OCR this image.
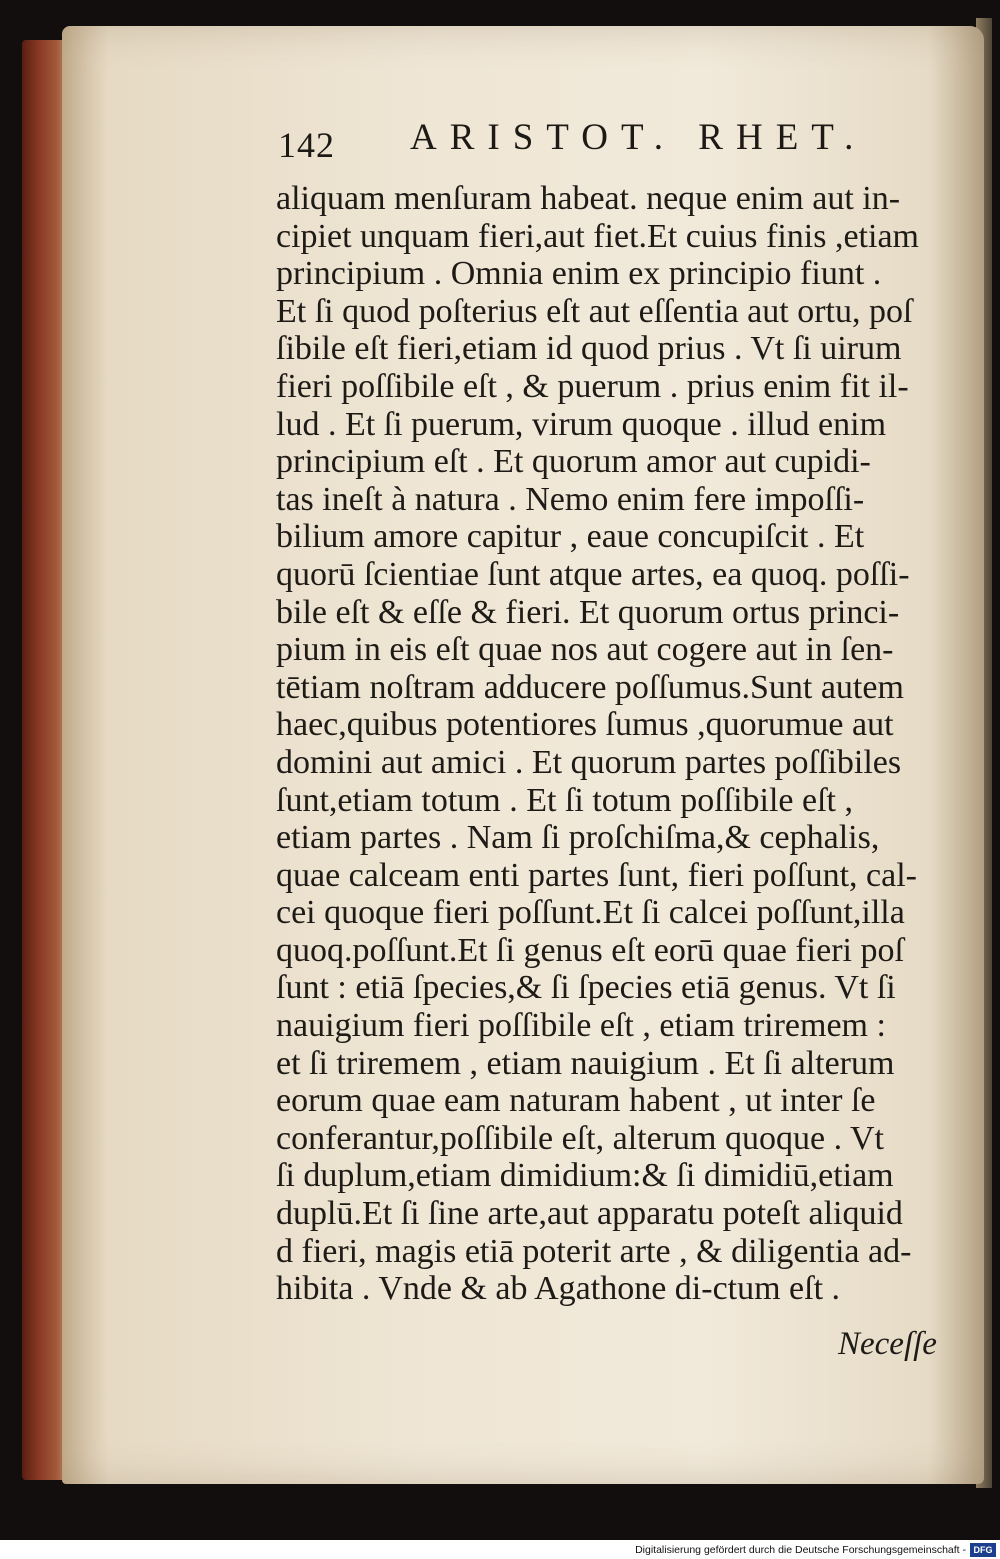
142 ARISTOT. RHET.
aliquam menſuram habeat. neque enim aut in-
cipiet unquam fieri,aut fiet.Et cuius finis ,etiam
principium . Omnia enim ex principio fiunt .
Et ſi quod poſterius eſt aut eſſentia aut ortu, poſ
ſibile eſt fieri,etiam id quod prius . Vt ſi uirum
fieri poſſibile eſt , & puerum . prius enim fit il-
lud . Et ſi puerum, virum quoque . illud enim
principium eſt . Et quorum amor aut cupidi-
tas ineſt à natura . Nemo enim fere impoſſi-
bilium amore capitur , eaue concupiſcit . Et
quorū ſcientiae ſunt atque artes, ea quoq. poſſi-
bile eſt & eſſe & fieri. Et quorum ortus princi-
pium in eis eſt quae nos aut cogere aut in ſen-
tētiam noſtram adducere poſſumus.Sunt autem
haec,quibus potentiores ſumus ,quorumue aut
domini aut amici . Et quorum partes poſſibiles
ſunt,etiam totum . Et ſi totum poſſibile eſt ,
etiam partes . Nam ſi proſchiſma,& cephalis,
quae calceam enti partes ſunt, fieri poſſunt, cal-
cei quoque fieri poſſunt.Et ſi calcei poſſunt,illa
quoq.poſſunt.Et ſi genus eſt eorū quae fieri poſ
ſunt : etiā ſpecies,& ſi ſpecies etiā genus. Vt ſi
nauigium fieri poſſibile eſt , etiam triremem :
et ſi triremem , etiam nauigium . Et ſi alterum
eorum quae eam naturam habent , ut inter ſe
conferantur,poſſibile eſt, alterum quoque . Vt
ſi duplum,etiam dimidium:& ſi dimidiū,etiam
duplū.Et ſi ſine arte,aut apparatu poteſt aliquid
d fieri, magis etiā poterit arte , & diligentia ad-
hibita . Vnde & ab Agathone di-ctum eſt .
Neceſſe
Digitalisierung gefördert durch die Deutsche Forschungsgemeinschaft - DFG
